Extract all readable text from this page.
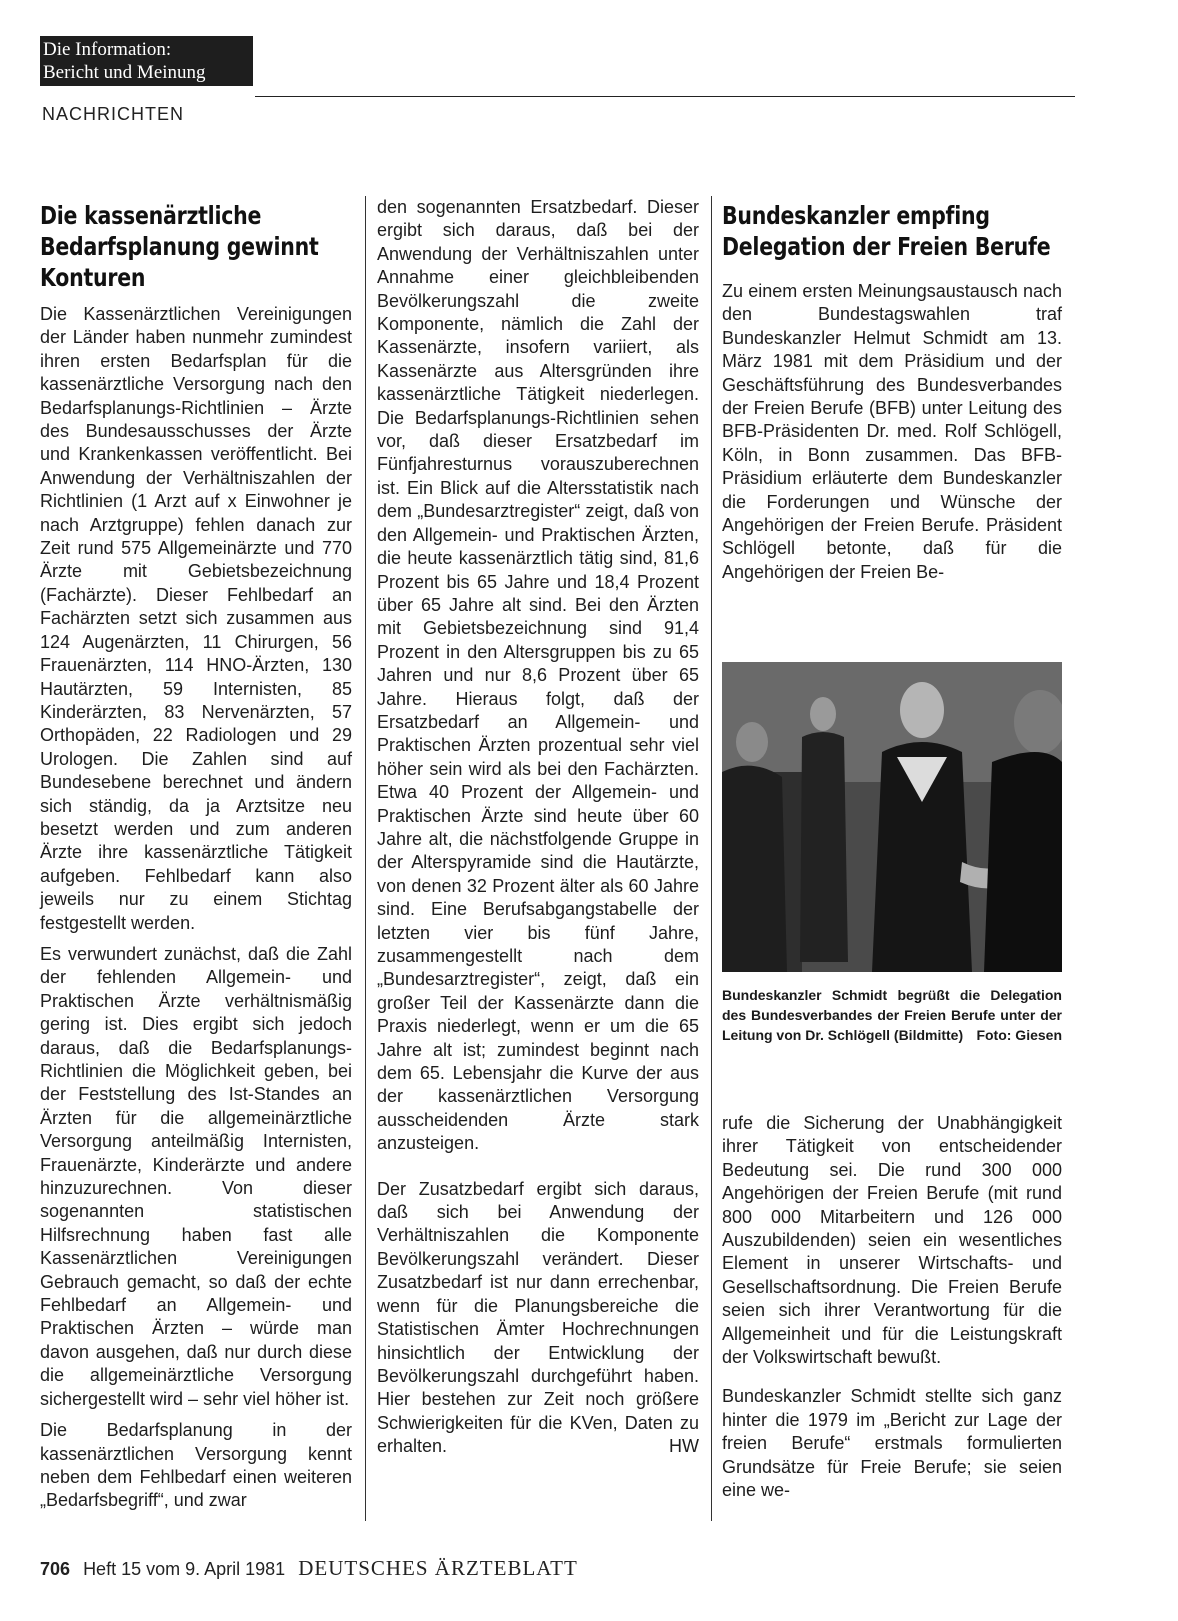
Die Information:
Bericht und Meinung
NACHRICHTEN
Die kassenärztliche Bedarfsplanung gewinnt Konturen

Die Kassenärztlichen Vereinigungen der Länder haben nunmehr zumindest ihren ersten Bedarfsplan für die kassenärztliche Versorgung nach den Bedarfsplanungs-Richtlinien – Ärzte des Bundesausschusses der Ärzte und Krankenkassen veröffentlicht. Bei Anwendung der Verhältniszahlen der Richtlinien (1 Arzt auf x Einwohner je nach Arztgruppe) fehlen danach zur Zeit rund 575 Allgemeinärzte und 770 Ärzte mit Gebietsbezeichnung (Fachärzte). Dieser Fehlbedarf an Fachärzten setzt sich zusammen aus 124 Augenärzten, 11 Chirurgen, 56 Frauenärzten, 114 HNO-Ärzten, 130 Hautärzten, 59 Internisten, 85 Kinderärzten, 83 Nervenärzten, 57 Orthopäden, 22 Radiologen und 29 Urologen. Die Zahlen sind auf Bundesebene berechnet und ändern sich ständig, da ja Arztsitze neu besetzt werden und zum anderen Ärzte ihre kassenärztliche Tätigkeit aufgeben. Fehlbedarf kann also jeweils nur zu einem Stichtag festgestellt werden.

Es verwundert zunächst, daß die Zahl der fehlenden Allgemein- und Praktischen Ärzte verhältnismäßig gering ist. Dies ergibt sich jedoch daraus, daß die Bedarfsplanungs-Richtlinien die Möglichkeit geben, bei der Feststellung des Ist-Standes an Ärzten für die allgemeinärztliche Versorgung anteilmäßig Internisten, Frauenärzte, Kinderärzte und andere hinzuzurechnen. Von dieser sogenannten statistischen Hilfsrechnung haben fast alle Kassenärztlichen Vereinigungen Gebrauch gemacht, so daß der echte Fehlbedarf an Allgemein- und Praktischen Ärzten – würde man davon ausgehen, daß nur durch diese die allgemeinärztliche Versorgung sichergestellt wird – sehr viel höher ist.

Die Bedarfsplanung in der kassenärztlichen Versorgung kennt neben dem Fehlbedarf einen weiteren „Bedarfsbegriff“, und zwar

den sogenannten Ersatzbedarf. Dieser ergibt sich daraus, daß bei der Anwendung der Verhältniszahlen unter Annahme einer gleichbleibenden Bevölkerungszahl die zweite Komponente, nämlich die Zahl der Kassenärzte, insofern variiert, als Kassenärzte aus Altersgründen ihre kassenärztliche Tätigkeit niederlegen. Die Bedarfsplanungs-Richtlinien sehen vor, daß dieser Ersatzbedarf im Fünfjahresturnus vorauszuberechnen ist. Ein Blick auf die Altersstatistik nach dem „Bundesarztregister“ zeigt, daß von den Allgemein- und Praktischen Ärzten, die heute kassenärztlich tätig sind, 81,6 Prozent bis 65 Jahre und 18,4 Prozent über 65 Jahre alt sind. Bei den Ärzten mit Gebietsbezeichnung sind 91,4 Prozent in den Altersgruppen bis zu 65 Jahren und nur 8,6 Prozent über 65 Jahre. Hieraus folgt, daß der Ersatzbedarf an Allgemein- und Praktischen Ärzten prozentual sehr viel höher sein wird als bei den Fachärzten. Etwa 40 Prozent der Allgemein- und Praktischen Ärzte sind heute über 60 Jahre alt, die nächstfolgende Gruppe in der Alterspyramide sind die Hautärzte, von denen 32 Prozent älter als 60 Jahre sind. Eine Berufsabgangstabelle der letzten vier bis fünf Jahre, zusammengestellt nach dem „Bundesarztregister“, zeigt, daß ein großer Teil der Kassenärzte dann die Praxis niederlegt, wenn er um die 65 Jahre alt ist; zumindest beginnt nach dem 65. Lebensjahr die Kurve der aus der kassenärztlichen Versorgung ausscheidenden Ärzte stark anzusteigen.

Der Zusatzbedarf ergibt sich daraus, daß sich bei Anwendung der Verhältniszahlen die Komponente Bevölkerungszahl verändert. Dieser Zusatzbedarf ist nur dann errechenbar, wenn für die Planungsbereiche die Statistischen Ämter Hochrechnungen hinsichtlich der Entwicklung der Bevölkerungszahl durchgeführt haben. Hier bestehen zur Zeit noch größere Schwierigkeiten für die KVen, Daten zu erhalten.	HW

Bundeskanzler empfing Delegation der Freien Berufe

Zu einem ersten Meinungsaustausch nach den Bundestagswahlen traf Bundeskanzler Helmut Schmidt am 13. März 1981 mit dem Präsidium und der Geschäftsführung des Bundesverbandes der Freien Berufe (BFB) unter Leitung des BFB-Präsidenten Dr. med. Rolf Schlögell, Köln, in Bonn zusammen. Das BFB-Präsidium erläuterte dem Bundeskanzler die Forderungen und Wünsche der Angehörigen der Freien Berufe. Präsident Schlögell betonte, daß für die Angehörigen der Freien Be-

rufe die Sicherung der Unabhängigkeit ihrer Tätigkeit von entscheidender Bedeutung sei. Die rund 300 000 Angehörigen der Freien Berufe (mit rund 800 000 Mitarbeitern und 126 000 Auszubildenden) seien ein wesentliches Element in unserer Wirtschafts- und Gesellschaftsordnung. Die Freien Berufe seien sich ihrer Verantwortung für die Allgemeinheit und für die Leistungskraft der Volkswirtschaft bewußt.

Bundeskanzler Schmidt stellte sich ganz hinter die 1979 im „Bericht zur Lage der freien Berufe“ erstmals formulierten Grundsätze für Freie Berufe; sie seien eine we-

Bundeskanzler Schmidt begrüßt die Delegation des Bundesverbandes der Freien Berufe unter der Leitung von Dr. Schlögell (Bildmitte) Foto: Giesen
706 Heft 15 vom 9. April 1981 DEUTSCHES ÄRZTEBLATT
